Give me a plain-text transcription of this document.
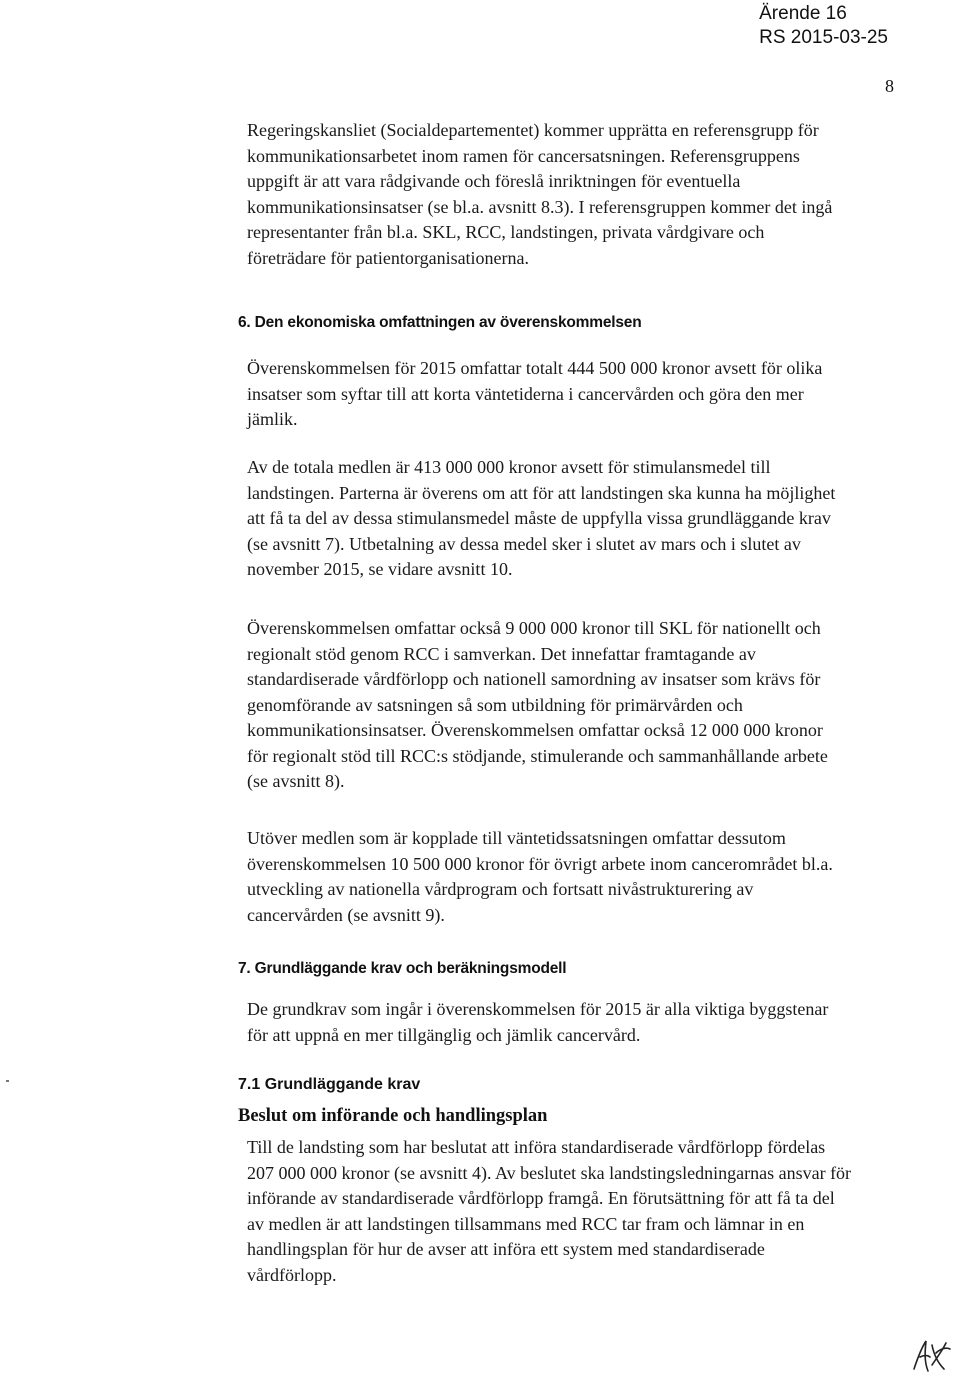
Ärende 16
RS 2015-03-25
8

Regeringskansliet (Socialdepartementet) kommer upprätta en referensgrupp för kommunikationsarbetet inom ramen för cancersatsningen. Referensgruppens uppgift är att vara rådgivande och föreslå inriktningen för eventuella kommunikationsinsatser (se bl.a. avsnitt 8.3). I referensgruppen kommer det ingå representanter från bl.a. SKL, RCC, landstingen, privata vårdgivare och företrädare för patientorganisationerna.

6. Den ekonomiska omfattningen av överenskommelsen

Överenskommelsen för 2015 omfattar totalt 444 500 000 kronor avsett för olika insatser som syftar till att korta väntetiderna i cancervården och göra den mer jämlik.

Av de totala medlen är 413 000 000 kronor avsett för stimulansmedel till landstingen. Parterna är överens om att för att landstingen ska kunna ha möjlighet att få ta del av dessa stimulansmedel måste de uppfylla vissa grundläggande krav (se avsnitt 7). Utbetalning av dessa medel sker i slutet av mars och i slutet av november 2015, se vidare avsnitt 10.

Överenskommelsen omfattar också 9 000 000 kronor till SKL för nationellt och regionalt stöd genom RCC i samverkan. Det innefattar framtagande av standardiserade vårdförlopp och nationell samordning av insatser som krävs för genomförande av satsningen så som utbildning för primärvården och kommunikationsinsatser. Överenskommelsen omfattar också 12 000 000 kronor för regionalt stöd till RCC:s stödjande, stimulerande och sammanhållande arbete (se avsnitt 8).

Utöver medlen som är kopplade till väntetidssatsningen omfattar dessutom överenskommelsen 10 500 000 kronor för övrigt arbete inom cancerområdet bl.a. utveckling av nationella vårdprogram och fortsatt nivåstrukturering av cancervården (se avsnitt 9).

7. Grundläggande krav och beräkningsmodell

De grundkrav som ingår i överenskommelsen för 2015 är alla viktiga byggstenar för att uppnå en mer tillgänglig och jämlik cancervård.

7.1 Grundläggande krav
Beslut om införande och handlingsplan

Till de landsting som har beslutat att införa standardiserade vårdförlopp fördelas 207 000 000 kronor (se avsnitt 4). Av beslutet ska landstingsledningarnas ansvar för införande av standardiserade vårdförlopp framgå. En förutsättning för att få ta del av medlen är att landstingen tillsammans med RCC tar fram och lämnar in en handlingsplan för hur de avser att införa ett system med standardiserade vårdförlopp.
